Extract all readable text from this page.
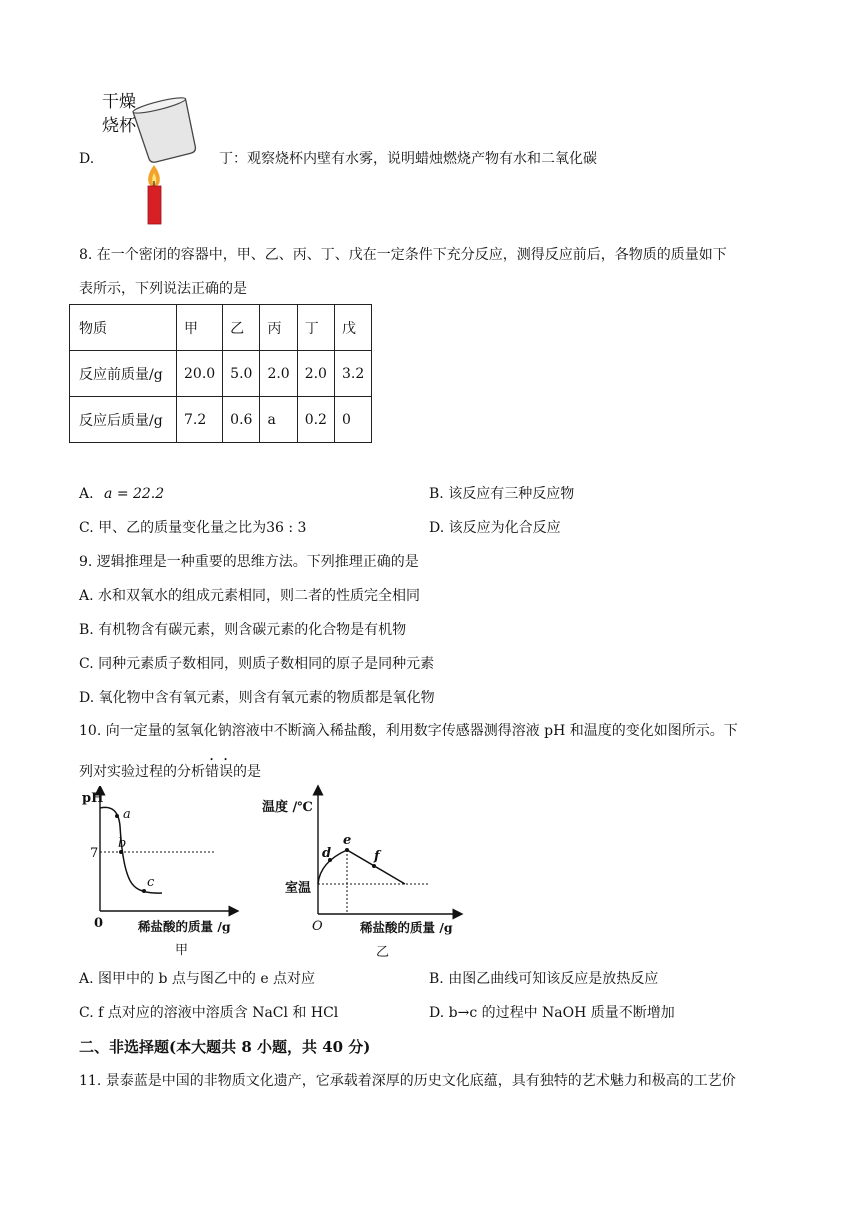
D.
干燥
烧杯
丁：观察烧杯内壁有水雾，说明蜡烛燃烧产物有水和二氧化碳
8. 在一个密闭的容器中，甲、乙、丙、丁、戊在一定条件下充分反应，测得反应前后，各物质的质量如下
表所示，下列说法正确的是
物质	甲	乙	丙	丁	戊
反应前质量/g	20.0	5.0	2.0	2.0	3.2
反应后质量/g	7.2	0.6	a	0.2	0
A. a = 22.2	B. 该反应有三种反应物
C. 甲、乙的质量变化量之比为36 : 3	D. 该反应为化合反应
9. 逻辑推理是一种重要的思维方法。下列推理正确的是
A. 水和双氧水的组成元素相同，则二者的性质完全相同
B. 有机物含有碳元素，则含碳元素的化合物是有机物
C. 同种元素质子数相同，则质子数相同的原子是同种元素
D. 氧化物中含有氧元素，则含有氧元素的物质都是氧化物
10. 向一定量的氢氧化钠溶液中不断滴入稀盐酸，利用数字传感器测得溶液 pH 和温度的变化如图所示。下
列对实验过程的分析错误的是
pH
7
a
b
c
0	稀盐酸的质量 /g
甲
温度 /℃
室温
d
e
f
O	稀盐酸的质量 /g
乙
A. 图甲中的 b 点与图乙中的 e 点对应	B. 由图乙曲线可知该反应是放热反应
C. f 点对应的溶液中溶质含 NaCl 和 HCl	D. b→c 的过程中 NaOH 质量不断增加
二、非选择题(本大题共 8 小题，共 40 分)
11. 景泰蓝是中国的非物质文化遗产，它承载着深厚的历史文化底蕴，具有独特的艺术魅力和极高的工艺价
